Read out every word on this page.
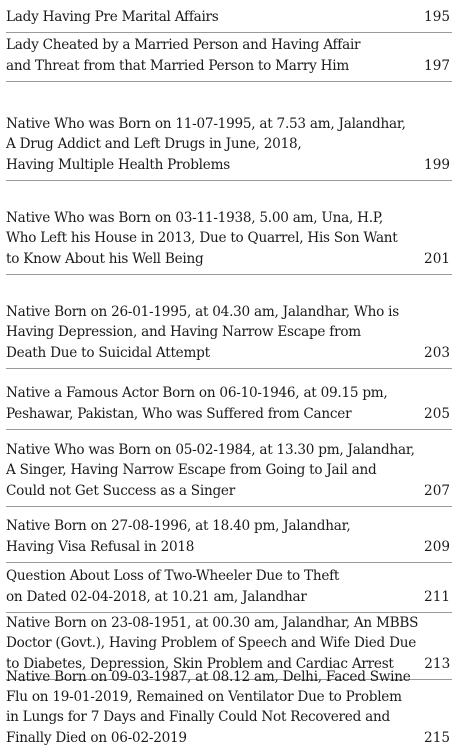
Lady Having Pre Marital Affairs	195
Lady Cheated by a Married Person and Having Affair
and Threat from that Married Person to Marry Him	197
Native Who was Born on 11-07-1995, at 7.53 am, Jalandhar,
A Drug Addict and Left Drugs in June, 2018,
Having Multiple Health Problems	199
Native Who was Born on 03-11-1938, 5.00 am, Una, H.P,
Who Left his House in 2013, Due to Quarrel, His Son Want
to Know About his Well Being	201
Native Born on 26-01-1995, at 04.30 am, Jalandhar, Who is
Having Depression, and Having Narrow Escape from
Death Due to Suicidal Attempt	203
Native a Famous Actor Born on 06-10-1946, at 09.15 pm,
Peshawar, Pakistan, Who was Suffered from Cancer	205
Native Who was Born on 05-02-1984, at 13.30 pm, Jalandhar,
A Singer, Having Narrow Escape from Going to Jail and
Could not Get Success as a Singer	207
Native Born on 27-08-1996, at 18.40 pm, Jalandhar,
Having Visa Refusal in 2018	209
Question About Loss of Two-Wheeler Due to Theft
on Dated 02-04-2018, at 10.21 am, Jalandhar	211
Native Born on 23-08-1951, at 00.30 am, Jalandhar, An MBBS
Doctor (Govt.), Having Problem of Speech and Wife Died Due
to Diabetes, Depression, Skin Problem and Cardiac Arrest	213
Native Born on 09-03-1987, at 08.12 am, Delhi, Faced Swine
Flu on 19-01-2019, Remained on Ventilator Due to Problem
in Lungs for 7 Days and Finally Could Not Recovered and
Finally Died on 06-02-2019	215
